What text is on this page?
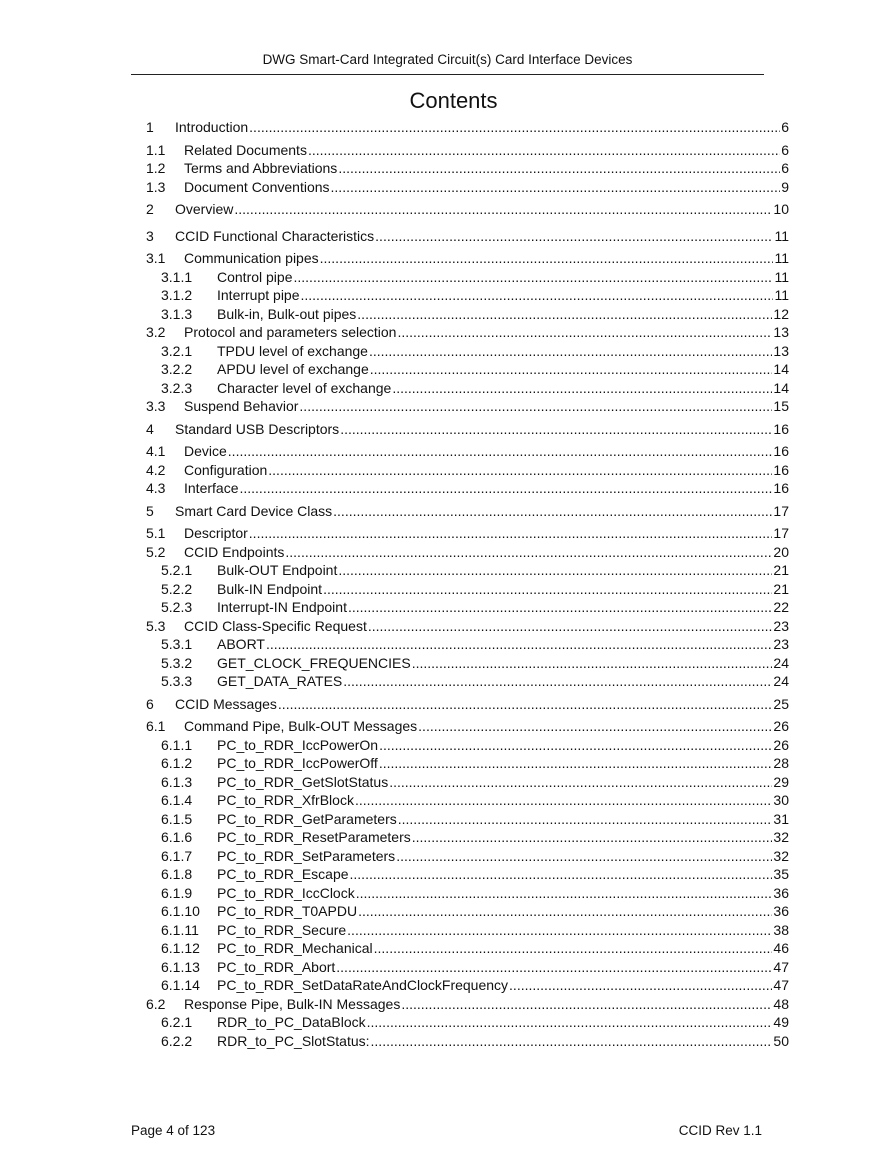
DWG Smart-Card Integrated Circuit(s) Card Interface Devices
Contents
1	Introduction .....	6
1.1	Related Documents .....	6
1.2	Terms and Abbreviations .....	6
1.3	Document Conventions .....	9
2	Overview .....	10
3	CCID Functional Characteristics .....	11
3.1	Communication pipes .....	11
3.1.1	Control pipe .....	11
3.1.2	Interrupt pipe .....	11
3.1.3	Bulk-in, Bulk-out pipes .....	12
3.2	Protocol and parameters selection .....	13
3.2.1	TPDU level of exchange .....	13
3.2.2	APDU level of exchange .....	14
3.2.3	Character level of exchange .....	14
3.3	Suspend Behavior .....	15
4	Standard USB Descriptors .....	16
4.1	Device .....	16
4.2	Configuration .....	16
4.3	Interface .....	16
5	Smart Card Device Class .....	17
5.1	Descriptor .....	17
5.2	CCID Endpoints .....	20
5.2.1	Bulk-OUT Endpoint .....	21
5.2.2	Bulk-IN Endpoint .....	21
5.2.3	Interrupt-IN Endpoint .....	22
5.3	CCID Class-Specific Request .....	23
5.3.1	ABORT .....	23
5.3.2	GET_CLOCK_FREQUENCIES .....	24
5.3.3	GET_DATA_RATES .....	24
6	CCID Messages .....	25
6.1	Command Pipe, Bulk-OUT Messages .....	26
6.1.1	PC_to_RDR_IccPowerOn .....	26
6.1.2	PC_to_RDR_IccPowerOff .....	28
6.1.3	PC_to_RDR_GetSlotStatus .....	29
6.1.4	PC_to_RDR_XfrBlock .....	30
6.1.5	PC_to_RDR_GetParameters .....	31
6.1.6	PC_to_RDR_ResetParameters .....	32
6.1.7	PC_to_RDR_SetParameters .....	32
6.1.8	PC_to_RDR_Escape .....	35
6.1.9	PC_to_RDR_IccClock .....	36
6.1.10	PC_to_RDR_T0APDU .....	36
6.1.11	PC_to_RDR_Secure .....	38
6.1.12	PC_to_RDR_Mechanical .....	46
6.1.13	PC_to_RDR_Abort .....	47
6.1.14	PC_to_RDR_SetDataRateAndClockFrequency .....	47
6.2	Response Pipe, Bulk-IN Messages .....	48
6.2.1	RDR_to_PC_DataBlock .....	49
6.2.2	RDR_to_PC_SlotStatus: .....	50
Page 4 of 123	CCID Rev 1.1
